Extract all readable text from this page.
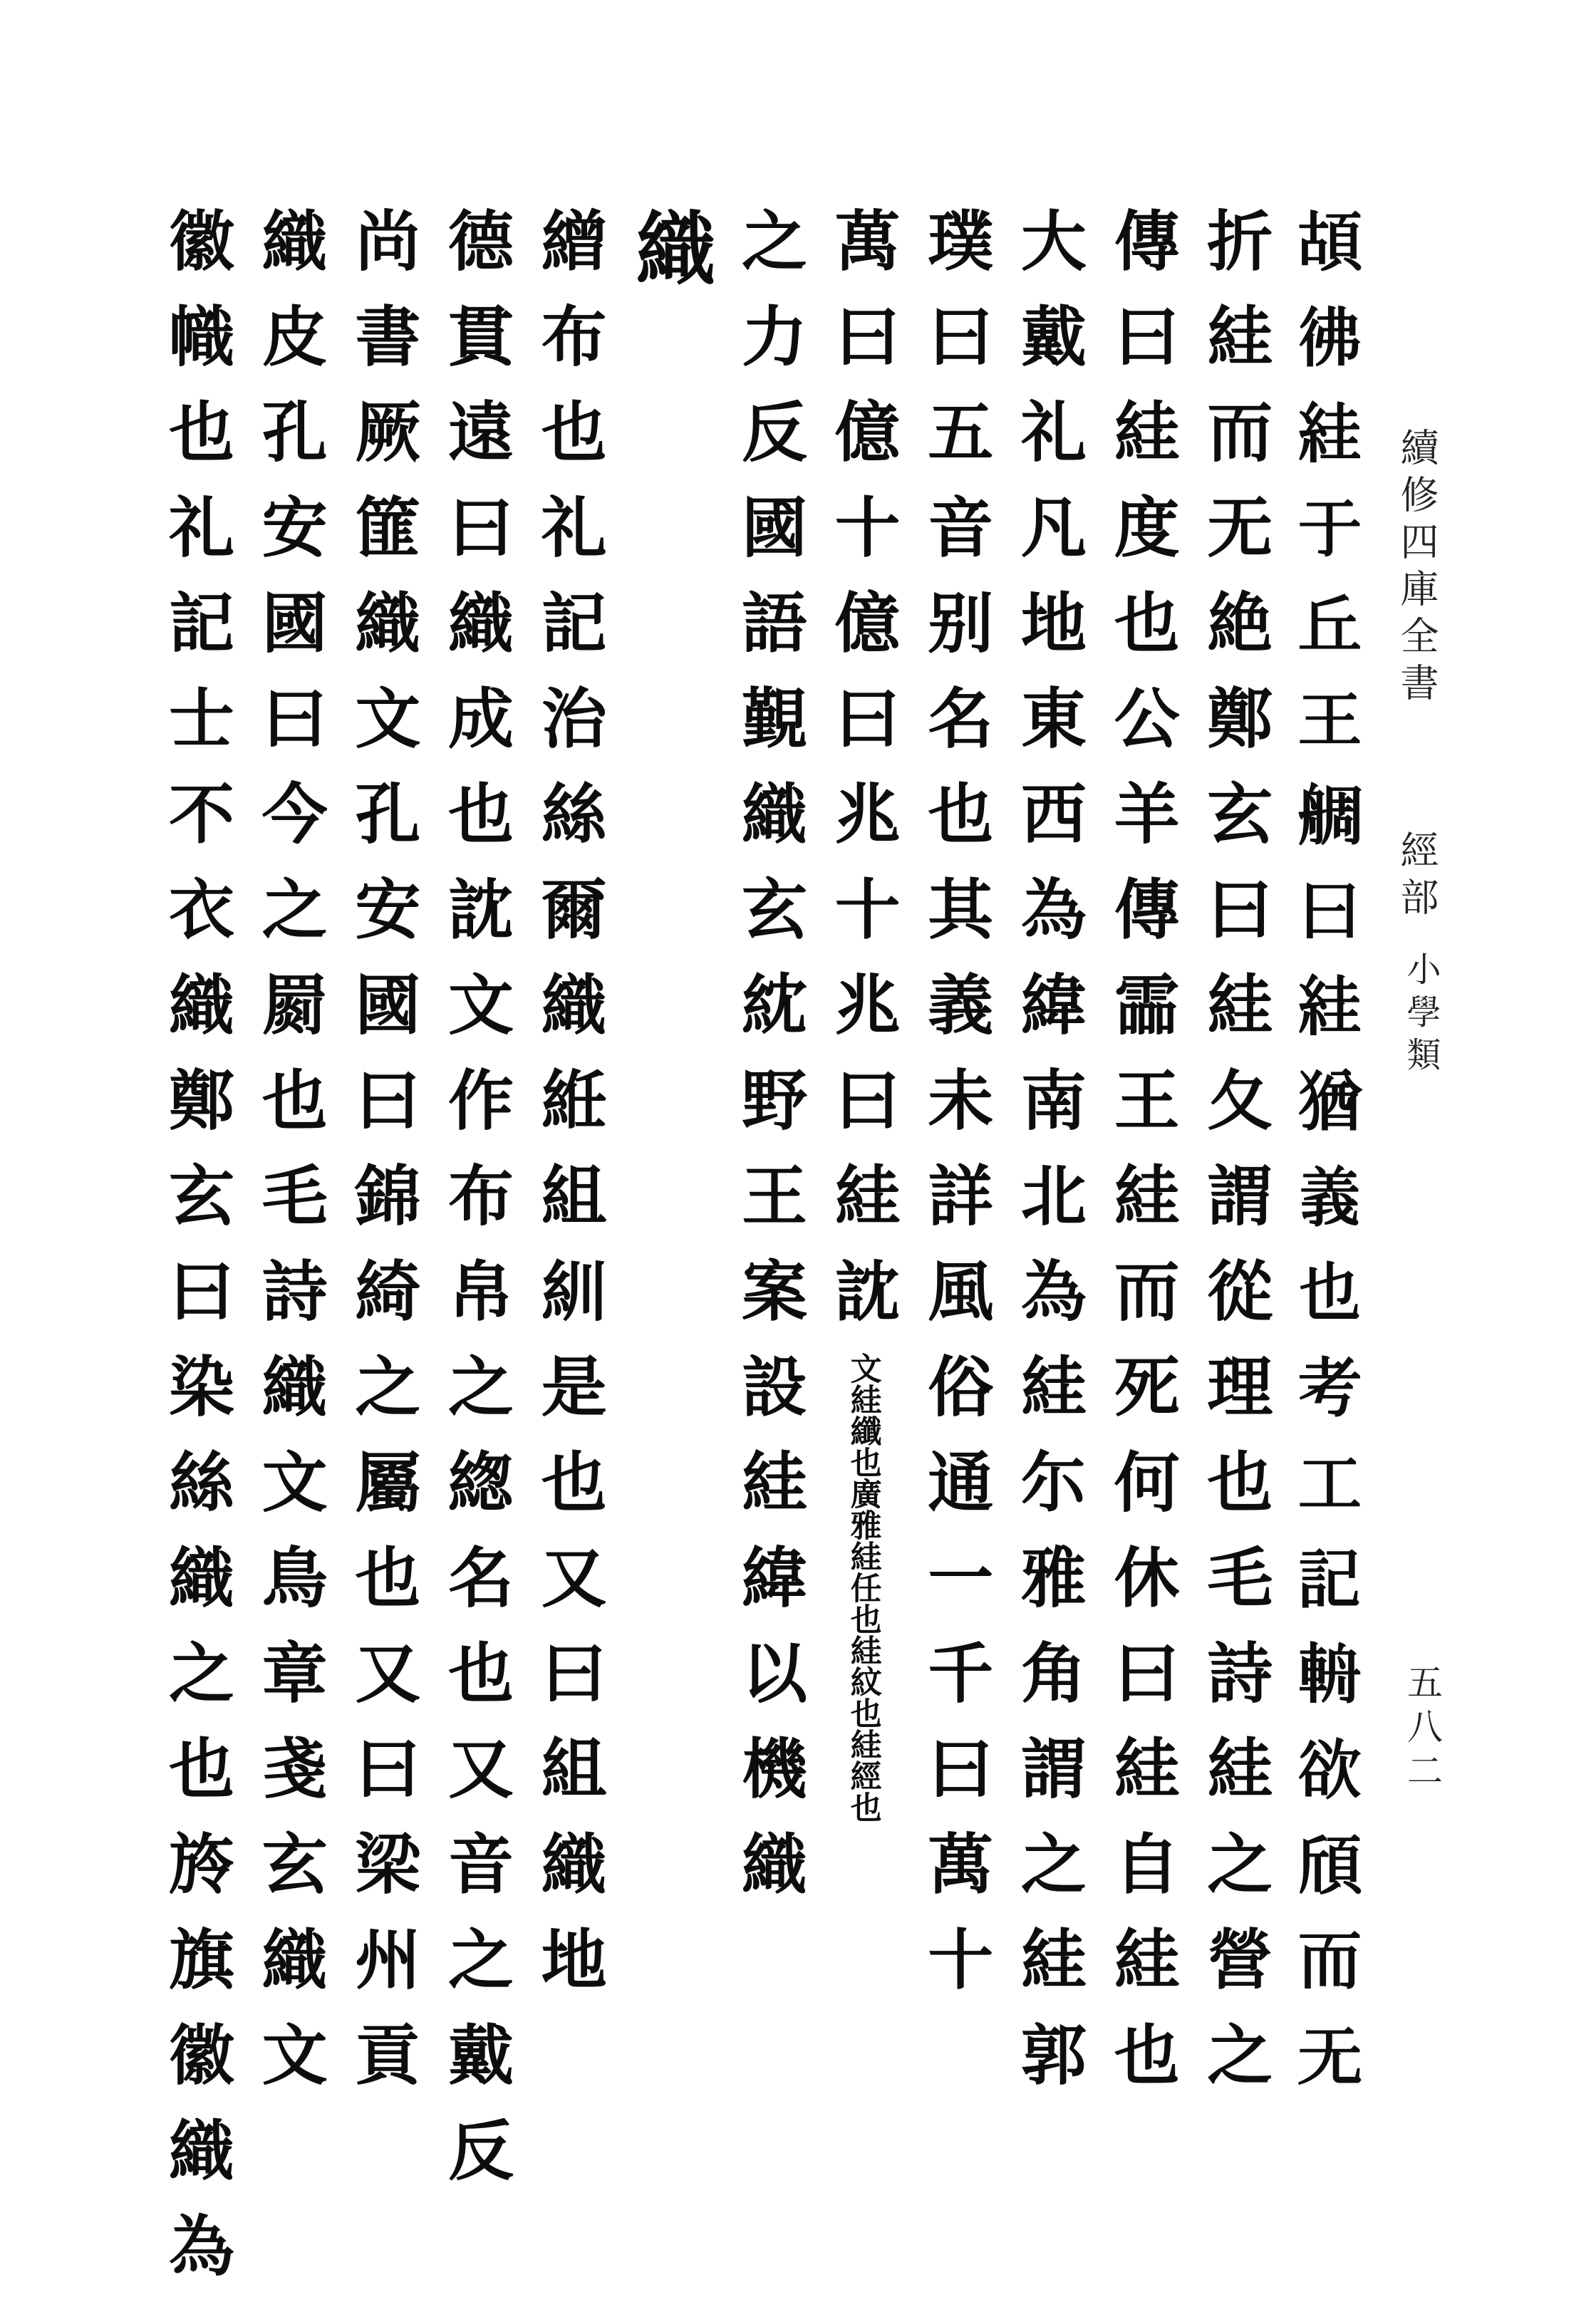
續修四庫全書
經部
小學類
五八二
𩑶彿絓于丘王𦩍曰絓猶義也考工記輈欲頎而无
折絓而无絶鄭玄曰絓夂謂從理也毛詩絓之營之
傳曰絓度也公羊傳霝王絓而死何休曰絓自絓也
大戴礼凡地東西為緯南北為絓尓雅角謂之絓郭
璞曰五音别名也其義未詳風俗通一千曰萬十
萬曰億十億曰兆十兆曰絓訦文絓纖也廣雅絓任也絓紋也絓經也
之力反國語覲織玄紞野王案設絓緯以機織
織
繒布也礼記治絲爾織絍組紃是也又曰組織地
德貫遠曰織成也訦文作布帛之緫名也又音之戴反
尚書厥篚織文孔安國曰錦綺之屬也又曰梁州貢
織皮孔安國曰今之罽也毛詩織文鳥章戔玄織文
徽幟也礼記士不衣織鄭玄曰染絲織之也旍旗徽織為
